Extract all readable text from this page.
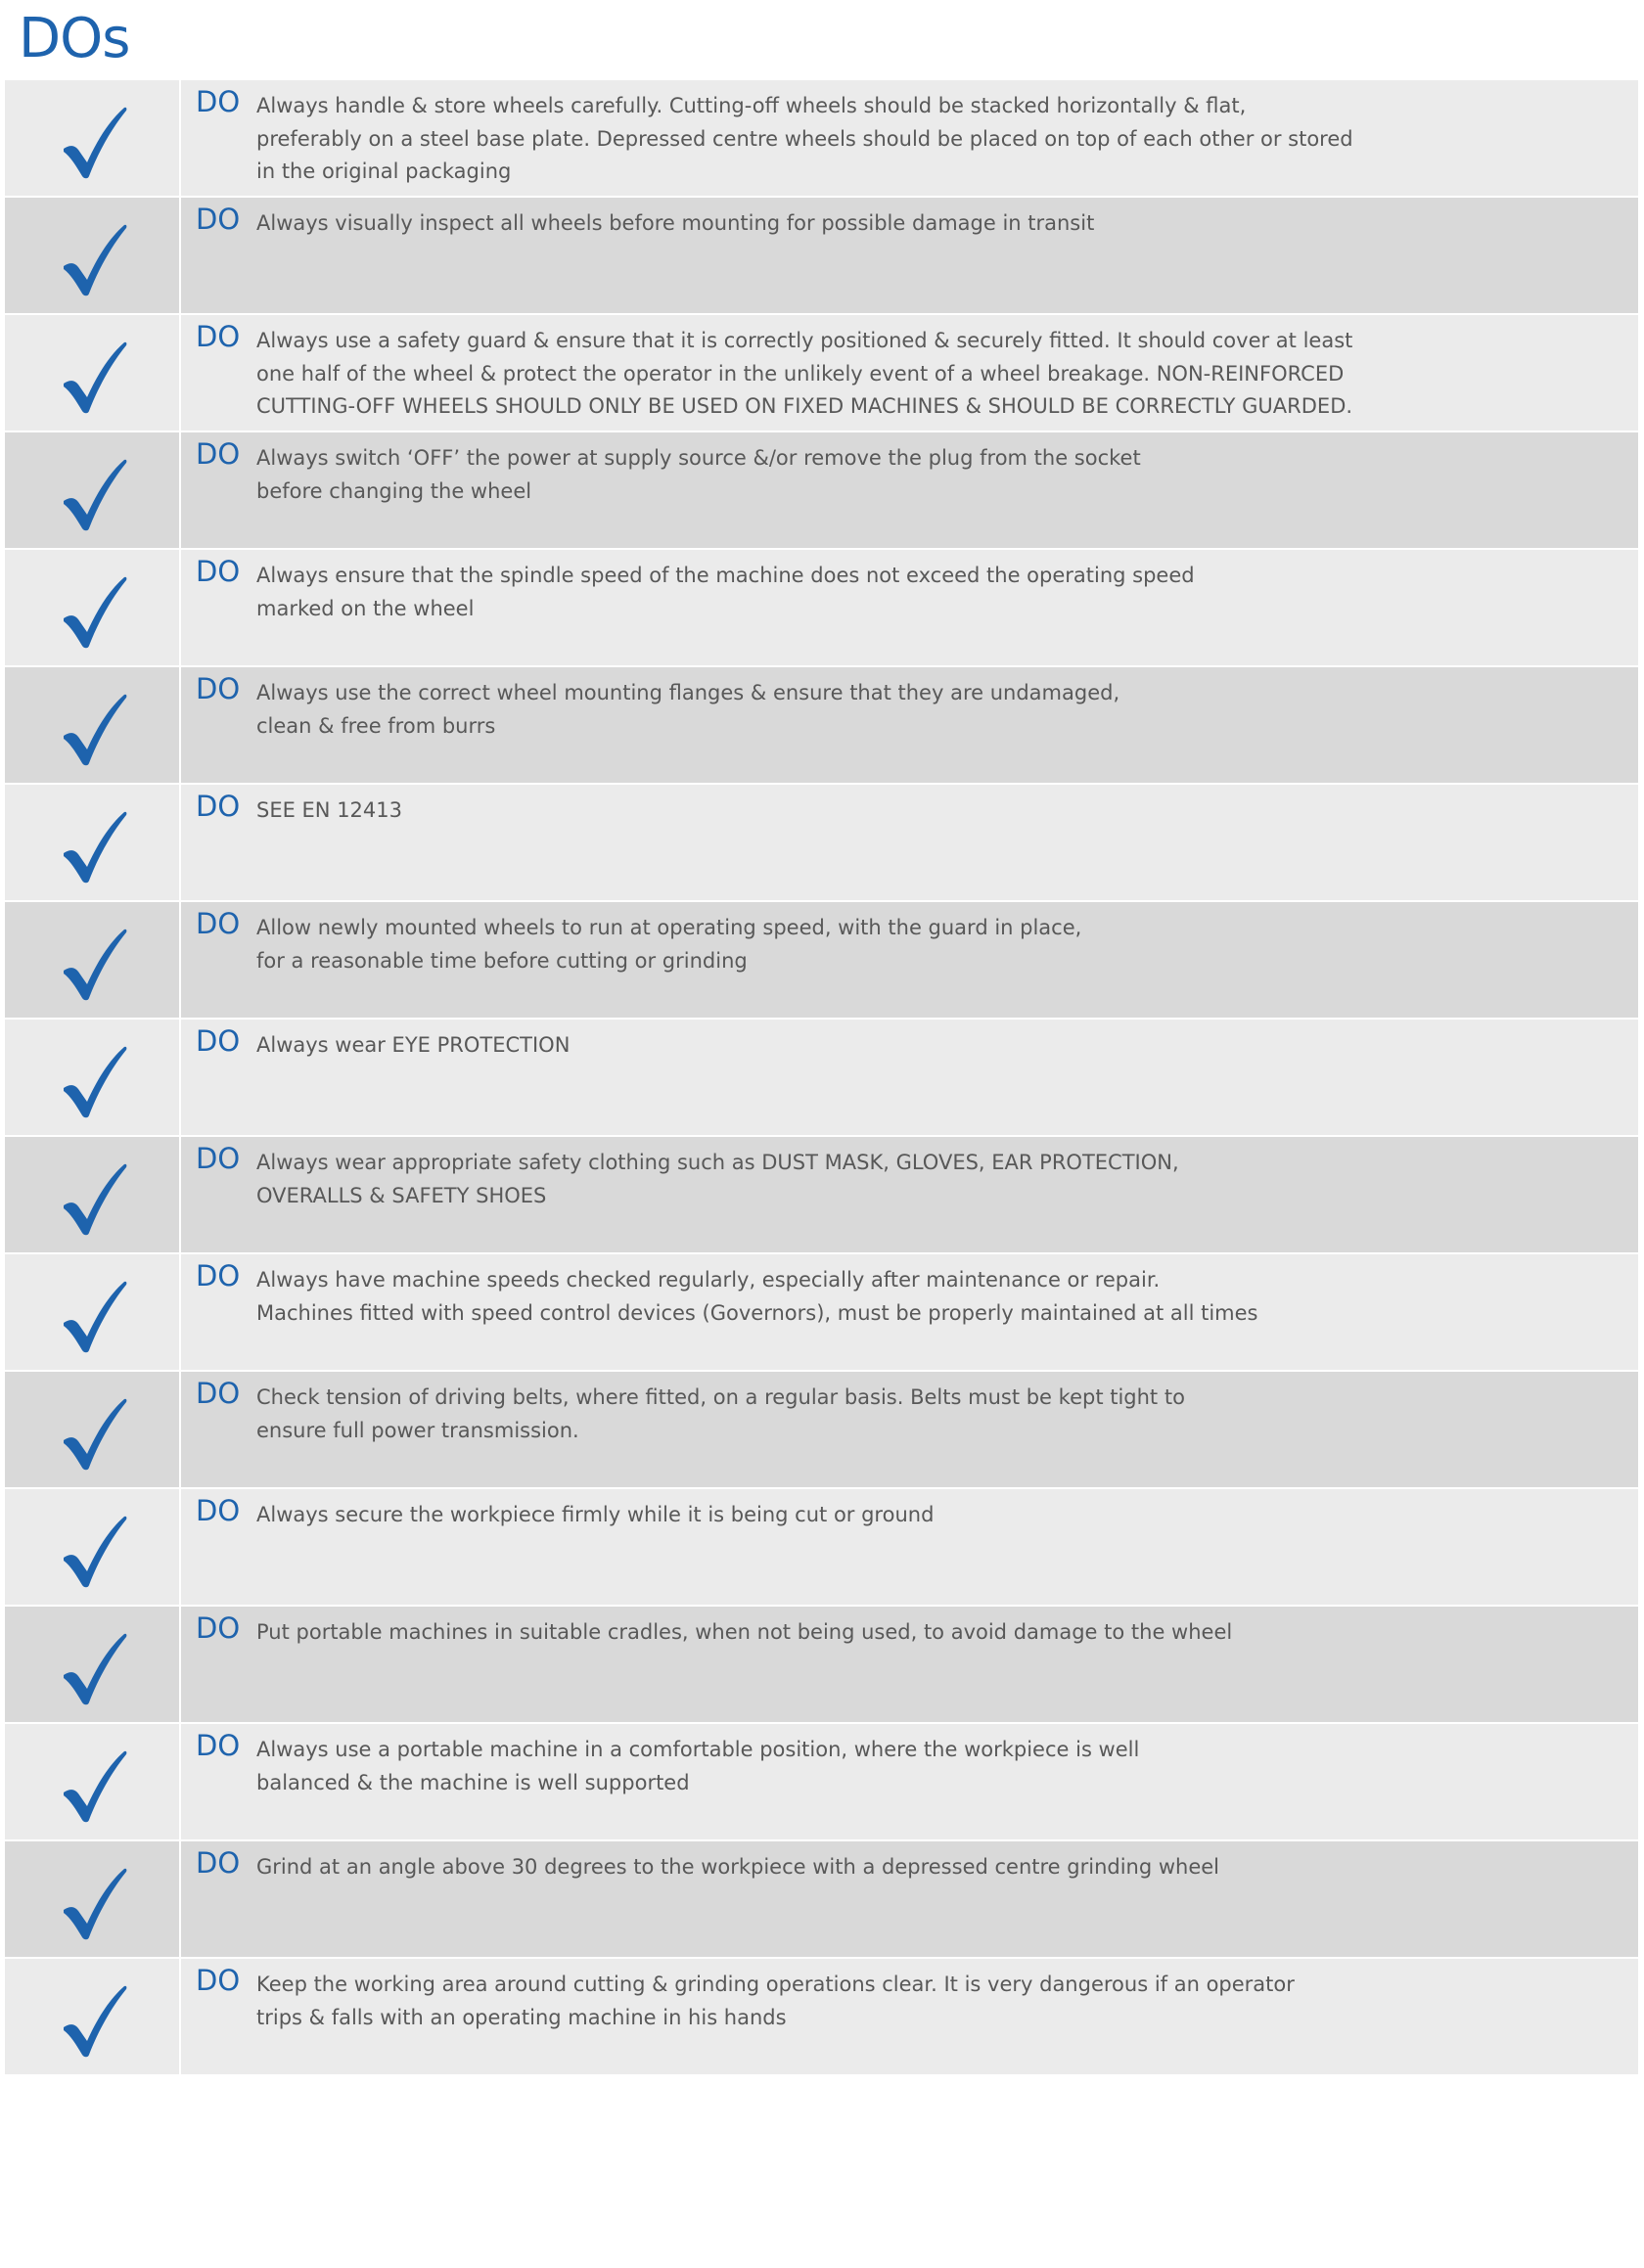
DOs
DO Always handle & store wheels carefully. Cutting-off wheels should be stacked horizontally & flat,
preferably on a steel base plate. Depressed centre wheels should be placed on top of each other or stored
in the original packaging
DO Always visually inspect all wheels before mounting for possible damage in transit
DO Always use a safety guard & ensure that it is correctly positioned & securely fitted. It should cover at least
one half of the wheel & protect the operator in the unlikely event of a wheel breakage. NON-REINFORCED
CUTTING-OFF WHEELS SHOULD ONLY BE USED ON FIXED MACHINES & SHOULD BE CORRECTLY GUARDED.
DO Always switch ‘OFF’ the power at supply source &/or remove the plug from the socket
before changing the wheel
DO Always ensure that the spindle speed of the machine does not exceed the operating speed
marked on the wheel
DO Always use the correct wheel mounting flanges & ensure that they are undamaged,
clean & free from burrs
DO SEE EN 12413
DO Allow newly mounted wheels to run at operating speed, with the guard in place,
for a reasonable time before cutting or grinding
DO Always wear EYE PROTECTION
DO Always wear appropriate safety clothing such as DUST MASK, GLOVES, EAR PROTECTION,
OVERALLS & SAFETY SHOES
DO Always have machine speeds checked regularly, especially after maintenance or repair.
Machines fitted with speed control devices (Governors), must be properly maintained at all times
DO Check tension of driving belts, where fitted, on a regular basis. Belts must be kept tight to
ensure full power transmission.
DO Always secure the workpiece firmly while it is being cut or ground
DO Put portable machines in suitable cradles, when not being used, to avoid damage to the wheel
DO Always use a portable machine in a comfortable position, where the workpiece is well
balanced & the machine is well supported
DO Grind at an angle above 30 degrees to the workpiece with a depressed centre grinding wheel
DO Keep the working area around cutting & grinding operations clear. It is very dangerous if an operator
trips & falls with an operating machine in his hands
